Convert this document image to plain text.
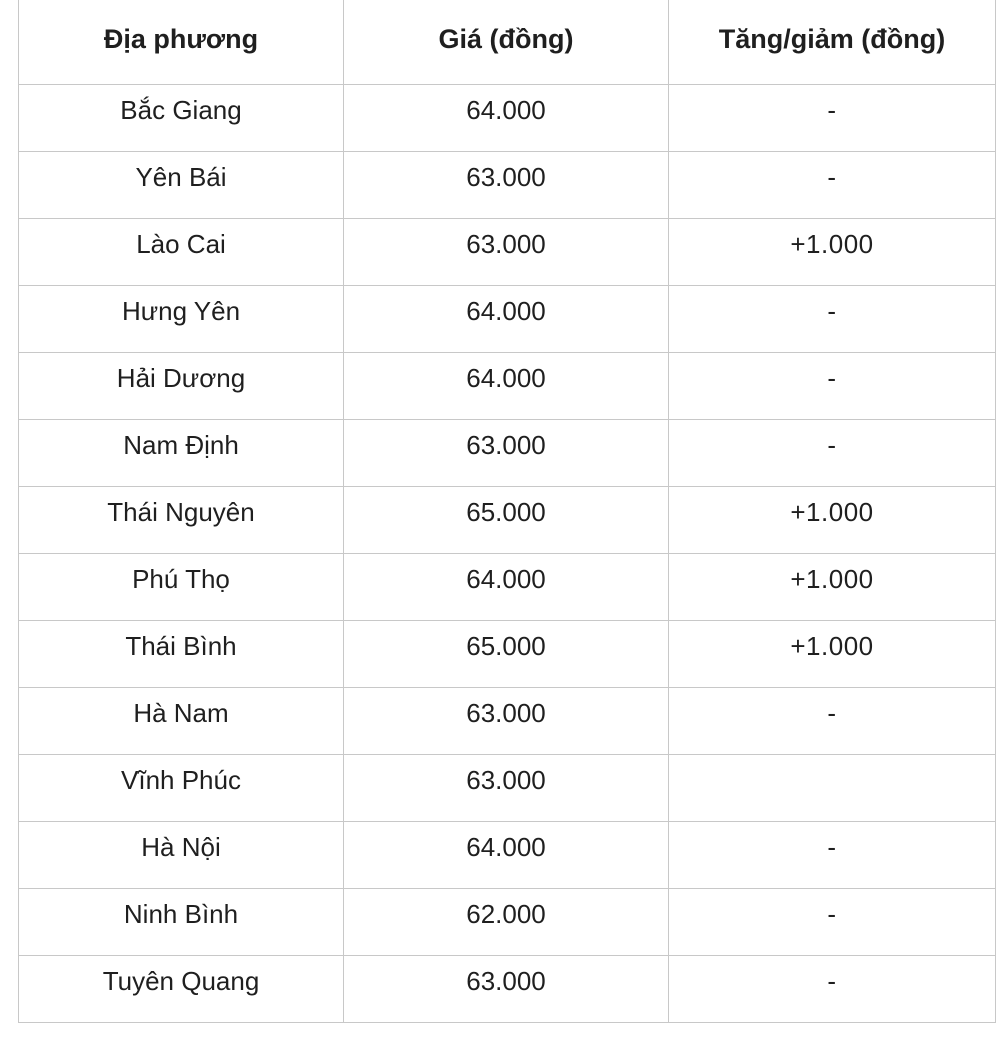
Địa phương	Giá (đồng)	Tăng/giảm (đồng)
Bắc Giang	64.000	-
Yên Bái	63.000	-
Lào Cai	63.000	+1.000
Hưng Yên	64.000	-
Hải Dương	64.000	-
Nam Định	63.000	-
Thái Nguyên	65.000	+1.000
Phú Thọ	64.000	+1.000
Thái Bình	65.000	+1.000
Hà Nam	63.000	-
Vĩnh Phúc	63.000	
Hà Nội	64.000	-
Ninh Bình	62.000	-
Tuyên Quang	63.000	-
